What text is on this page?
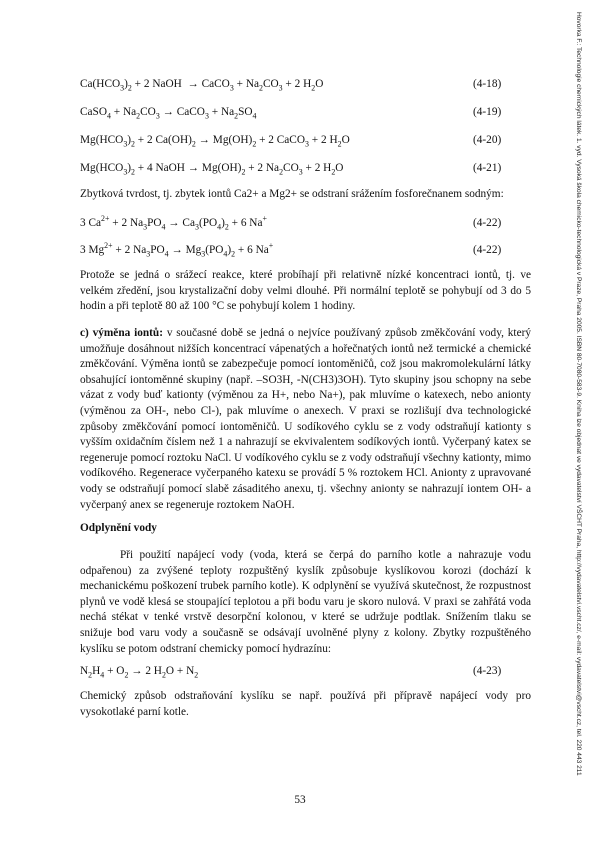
Hovorka F.: Technologie chemických látek. 1. vyd. Vysoká škola chemicko-technologická v Praze, Praha 2005. ISBN 80-7080-583-9. Kniha lze objednat ve vydavatelství VŠCHT Praha, http://vydavatelstvi.vscht.cz/, e-mail: vydavatelstvi@vscht.cz, tel. 220 443 211
$Ca(HCO_3)_2 + 2$ NaOH  → CaCO$_3$ + $Na_2CO_3 + 2$ $H_2O$	(4-18)
CaSO$_4$ + $Na_2CO_3$ → CaCO$_3$ + $Na_2SO_4$	(4-19)
$Mg(HCO_3)_2 + 2$ $Ca(OH)_2 \to Mg(OH)_2 + 2$ CaCO$_3$ + 2 $H_2O$	(4-20)
$Mg(HCO_3)_2 + 4$ NaOH → $Mg(OH)_2 + 2$ $Na_2CO_3 + 2$ $H_2O$	(4-21)
Zbytková tvrdost, tj. zbytek iontů Ca2+ a Mg2+ se odstraní srážením fosforečnanem sodným:
3 $Ca^{2+} + 2$ $Na_3PO_4 \to Ca_3(PO_4)_2 + 6$ Na+	(4-22)
3 $Mg^{2+} + 2$ $Na_3PO_4 \to Mg_3(PO_4)_2 + 6$ Na+	(4-22)
Protože se jedná o srážecí reakce, které probíhají při relativně nízké koncentraci iontů, tj. ve velkém zředění, jsou krystalizační doby velmi dlouhé. Při normální teplotě se pohybují od 3 do 5 hodin a při teplotě 80 až 100 °C se pohybují kolem 1 hodiny.
c) výměna iontů: v současné době se jedná o nejvíce používaný způsob změkčování vody, který umožňuje dosáhnout nižších koncentrací vápenatých a hořečnatých iontů než termické a chemické změkčování. Výměna iontů se zabezpečuje pomocí iontoměničů, což jsou makromolekulární látky obsahující iontoměnné skupiny (např. –SO3H, -N(CH3)3OH). Tyto skupiny jsou schopny na sebe vázat z vody buď kationty (výměnou za H+, nebo Na+), pak mluvíme o katexech, nebo anionty (výměnou za OH-, nebo Cl-), pak mluvíme o anexech. V praxi se rozlišují dva technologické způsoby změkčování pomocí iontoměničů. U sodíkového cyklu se z vody odstraňují kationty s vyšším oxidačním číslem než 1 a nahrazují se ekvivalentem sodíkových iontů. Vyčerpaný katex se regeneruje pomocí roztoku NaCl. U vodíkového cyklu se z vody odstraňují všechny kationty, mimo vodíkového. Regenerace vyčerpaného katexu se provádí 5 % roztokem HCl. Anionty z upravované vody se odstraňují pomocí slabě zásaditého anexu, tj. všechny anionty se nahrazují iontem OH- a vyčerpaný anex se regeneruje roztokem NaOH.
Odplynění vody
Při použití napájecí vody (voda, která se čerpá do parního kotle a nahrazuje vodu odpařenou) za zvýšené teploty rozpuštěný kyslík způsobuje kyslíkovou korozi (dochází k mechanickému poškození trubek parního kotle). K odplynění se využívá skutečnost, že rozpustnost plynů ve vodě klesá se stoupající teplotou a při bodu varu je skoro nulová. V praxi se zahřátá voda nechá stékat v tenké vrstvě desorpční kolonou, v které se udržuje podtlak. Snížením tlaku se snižuje bod varu vody a současně se odsávají uvolněné plyny z kolony. Zbytky rozpuštěného kyslíku se potom odstraní chemicky pomocí hydrazínu:
$N_2H_4 + O_2 \to 2$ $H_2O + N_2$	(4-23)
Chemický způsob odstraňování kyslíku se např. používá při přípravě napájecí vody pro vysokotlaké parní kotle.
53
